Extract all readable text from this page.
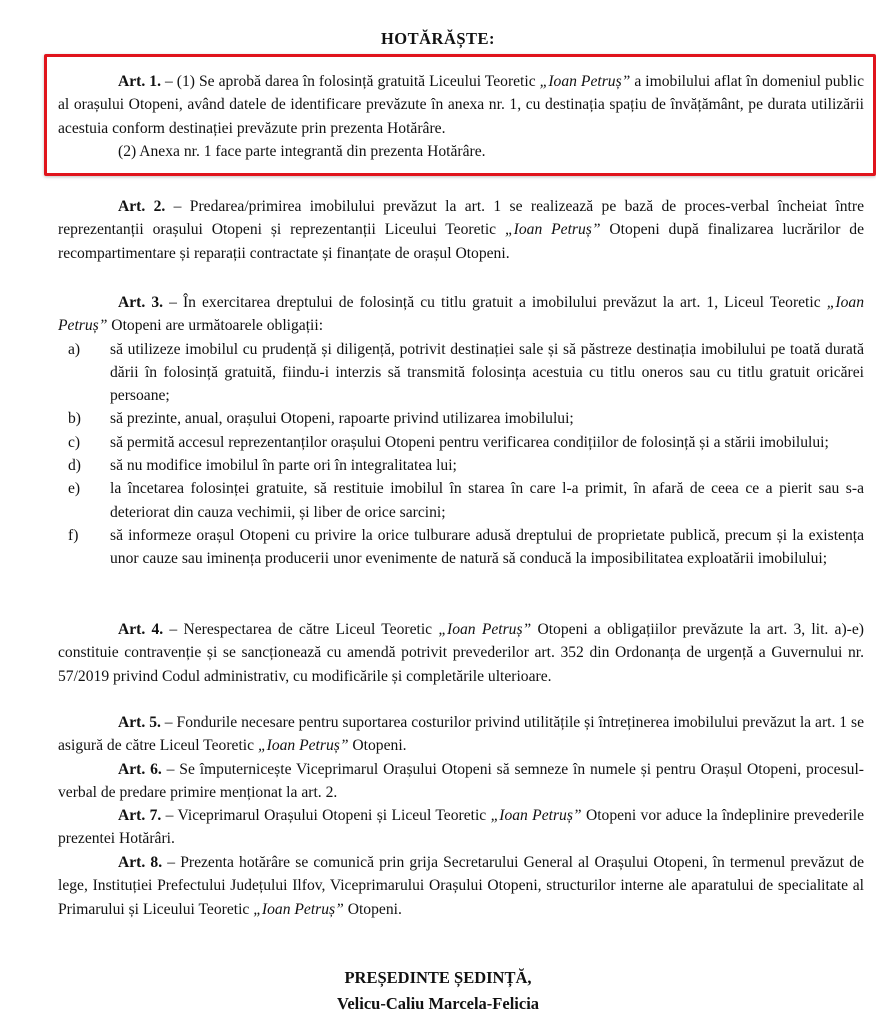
HOTĂRĂȘTE:

Art. 1. – (1) Se aprobă darea în folosință gratuită Liceului Teoretic „Ioan Petruș” a imobilului aflat în domeniul public al orașului Otopeni, având datele de identificare prevăzute în anexa nr. 1, cu destinația spațiu de învățământ, pe durata utilizării acestuia conform destinației prevăzute prin prezenta Hotărâre.

(2) Anexa nr. 1 face parte integrantă din prezenta Hotărâre.

Art. 2. – Predarea/primirea imobilului prevăzut la art. 1 se realizează pe bază de proces-verbal încheiat între reprezentanții orașului Otopeni și reprezentanții Liceului Teoretic „Ioan Petruș” Otopeni după finalizarea lucrărilor de recompartimentare și reparații contractate și finanțate de orașul Otopeni.

Art. 3. – În exercitarea dreptului de folosință cu titlu gratuit a imobilului prevăzut la art. 1, Liceul Teoretic „Ioan Petruș” Otopeni are următoarele obligații:

a)	să utilizeze imobilul cu prudență și diligență, potrivit destinației sale și să păstreze destinația imobilului pe toată durată dării în folosință gratuită, fiindu-i interzis să transmită folosința acestuia cu titlu oneros sau cu titlu gratuit oricărei persoane;
b)	să prezinte, anual, orașului Otopeni, rapoarte privind utilizarea imobilului;
c)	să permită accesul reprezentanților orașului Otopeni pentru verificarea condițiilor de folosință și a stării imobilului;
d)	să nu modifice imobilul în parte ori în integralitatea lui;
e)	la încetarea folosinței gratuite, să restituie imobilul în starea în care l-a primit, în afară de ceea ce a pierit sau s-a deteriorat din cauza vechimii, și liber de orice sarcini;
f)	să informeze orașul Otopeni cu privire la orice tulburare adusă dreptului de proprietate publică, precum și la existența unor cauze sau iminența producerii unor evenimente de natură să conducă la imposibilitatea exploatării imobilului;

Art. 4. – Nerespectarea de către Liceul Teoretic „Ioan Petruș” Otopeni a obligațiilor prevăzute la art. 3, lit. a)-e) constituie contravenție și se sancționează cu amendă potrivit prevederilor art. 352 din Ordonanța de urgență a Guvernului nr. 57/2019 privind Codul administrativ, cu modificările și completările ulterioare.

Art. 5. – Fondurile necesare pentru suportarea costurilor privind utilitățile și întreținerea imobilului prevăzut la art. 1 se asigură de către Liceul Teoretic „Ioan Petruș” Otopeni.

Art. 6. – Se împuternicește Viceprimarul Orașului Otopeni să semneze în numele și pentru Orașul Otopeni, procesul-verbal de predare primire menționat la art. 2.

Art. 7. – Viceprimarul Orașului Otopeni și Liceul Teoretic „Ioan Petruș” Otopeni vor aduce la îndeplinire prevederile prezentei Hotărâri.

Art. 8. – Prezenta hotărâre se comunică prin grija Secretarului General al Orașului Otopeni, în termenul prevăzut de lege, Instituției Prefectului Județului Ilfov, Viceprimarului Orașului Otopeni, structurilor interne ale aparatului de specialitate al Primarului și Liceului Teoretic „Ioan Petruș” Otopeni.

PREȘEDINTE ȘEDINȚĂ,
Velicu-Caliu Marcela-Felicia
